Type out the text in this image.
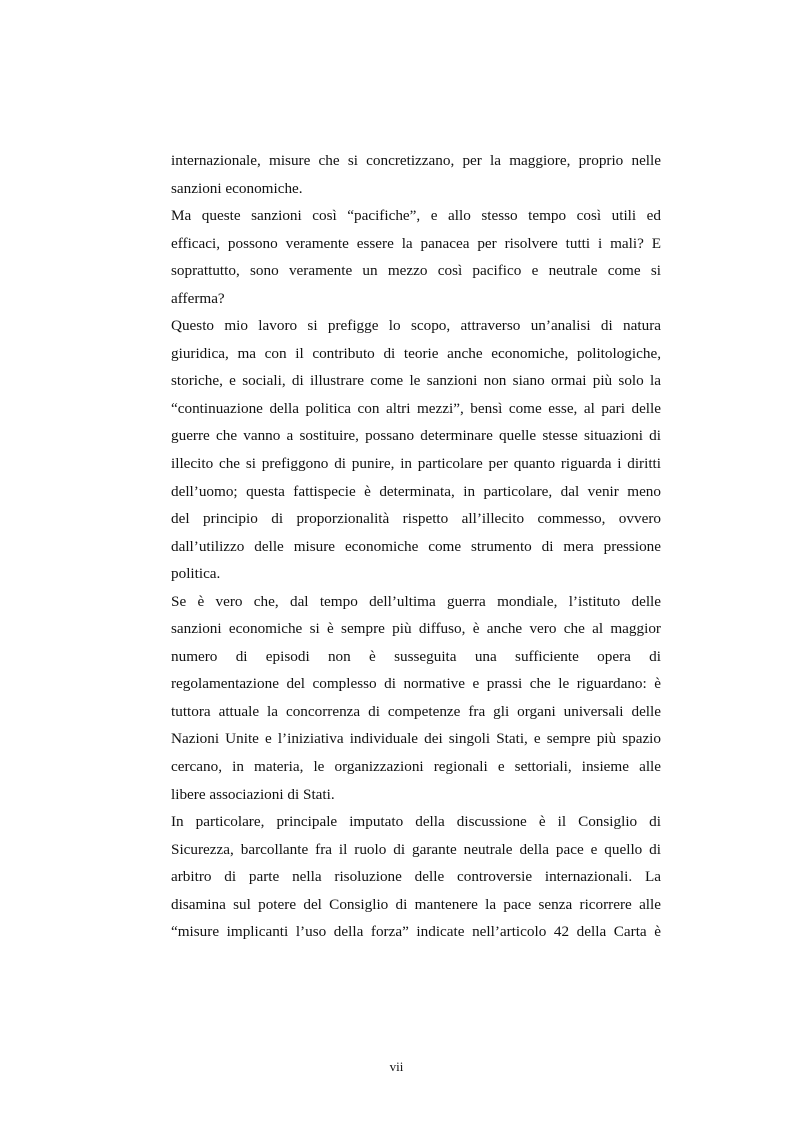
internazionale, misure che si concretizzano, per la maggiore, proprio nelle
sanzioni economiche.
Ma queste sanzioni così “pacifiche”, e allo stesso tempo così utili ed
efficaci, possono veramente essere la panacea per risolvere tutti i mali? E
soprattutto, sono veramente un mezzo così pacifico e neutrale come si
afferma?
Questo mio lavoro si prefigge lo scopo, attraverso un’analisi di natura
giuridica, ma con il contributo di teorie anche economiche, politologiche,
storiche, e sociali, di illustrare come le sanzioni non siano ormai più solo la
“continuazione della politica con altri mezzi”, bensì come esse, al pari delle
guerre che vanno a sostituire, possano determinare quelle stesse situazioni di
illecito che si prefiggono di punire, in particolare per quanto riguarda i diritti
dell’uomo; questa fattispecie è determinata, in particolare, dal venir meno
del principio di proporzionalità rispetto all’illecito commesso, ovvero
dall’utilizzo delle misure economiche come strumento di mera pressione
politica.
Se è vero che, dal tempo dell’ultima guerra mondiale, l’istituto delle
sanzioni economiche si è sempre più diffuso, è anche vero che al maggior
numero di episodi non è susseguita una sufficiente opera di
regolamentazione del complesso di normative e prassi che le riguardano: è
tuttora attuale la concorrenza di competenze fra gli organi universali delle
Nazioni Unite e l’iniziativa individuale dei singoli Stati, e sempre più spazio
cercano, in materia, le organizzazioni regionali e settoriali, insieme alle
libere associazioni di Stati.
In particolare, principale imputato della discussione è il Consiglio di
Sicurezza, barcollante fra il ruolo di garante neutrale della pace e quello di
arbitro di parte nella risoluzione delle controversie internazionali. La
disamina sul potere del Consiglio di mantenere la pace senza ricorrere alle
“misure implicanti l’uso della forza” indicate nell’articolo 42 della Carta è
vii
